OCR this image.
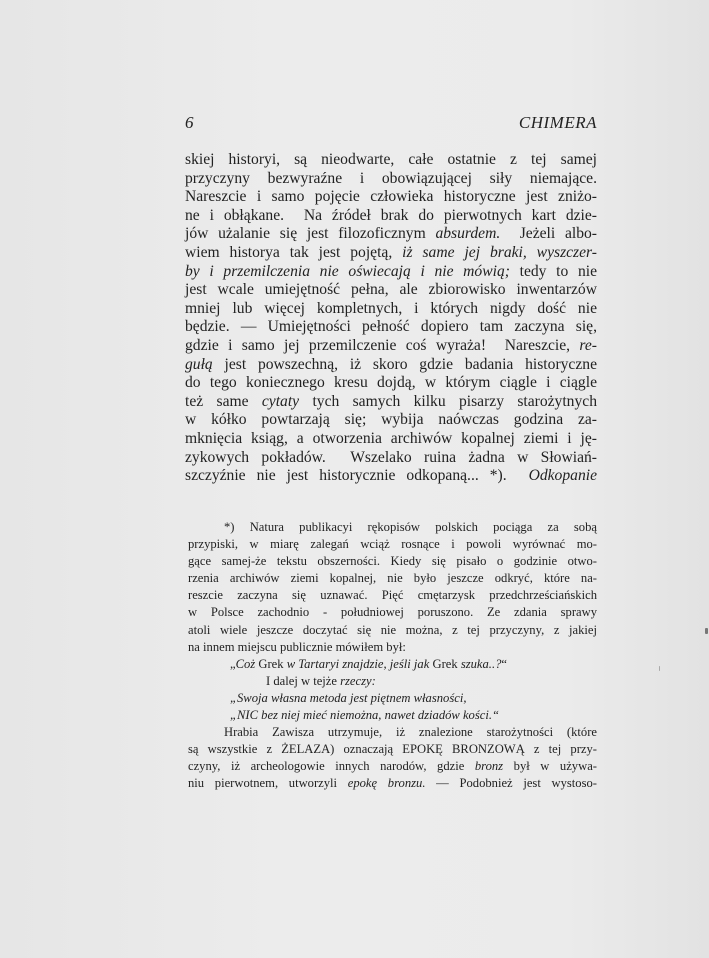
6	CHIMERA
skiej historyi, są nieodwarte, całe ostatnie z tej samej
przyczyny bezwyraźne i obowiązującej siły niemające.
Nareszcie i samo pojęcie człowieka historyczne jest zniżo-
ne i obłąkane.  Na źródeł brak do pierwotnych kart dzie-
jów użalanie się jest filozoficznym absurdem.  Jeżeli albo-
wiem historya tak jest pojętą, iż same jej braki, wyszczer-
by i przemilczenia nie oświecają i nie mówią; tedy to nie
jest wcale umiejętność pełna, ale zbiorowisko inwentarzów
mniej lub więcej kompletnych, i których nigdy dość nie
będzie. — Umiejętności pełność dopiero tam zaczyna się,
gdzie i samo jej przemilczenie coś wyraża!  Nareszcie, re-
gułą jest powszechną, iż skoro gdzie badania historyczne
do tego koniecznego kresu dojdą, w którym ciągle i ciągle
też same cytaty tych samych kilku pisarzy starożytnych
w kółko powtarzają się; wybija naówczas godzina za-
mknięcia ksiąg, a otworzenia archiwów kopalnej ziemi i ję-
zykowych pokładów.  Wszelako ruina żadna w Słowiań-
szczyźnie nie jest historycznie odkopaną... *).  Odkopanie
*) Natura publikacyi rękopisów polskich pociąga za sobą
przypiski, w miarę zalegań wciąż rosnące i powoli wyrównać mo-
gące samej-że tekstu obszerności. Kiedy się pisało o godzinie otwo-
rzenia archiwów ziemi kopalnej, nie było jeszcze odkryć, które na-
reszcie zaczyna się uznawać. Pięć cmętarzysk przedchrześciańskich
w Polsce zachodnio - południowej poruszono. Ze zdania sprawy
atoli wiele jeszcze doczytać się nie można, z tej przyczyny, z jakiej
na innem miejscu publicznie mówiłem był:
„Coż Grek w Tartaryi znajdzie, jeśli jak Grek szuka..?“
I dalej w tejże rzeczy:
„Swoja własna metoda jest piętnem własności,
„NIC bez niej mieć niemożna, nawet dziadów kości.“
Hrabia Zawisza utrzymuje, iż znalezione starożytności (które
są wszystkie z ŻELAZA) oznaczają EPOKĘ BRONZOWĄ z tej przy-
czyny, iż archeologowie innych narodów, gdzie bronz był w używa-
niu pierwotnem, utworzyli epokę bronzu. — Podobnież jest wystoso-
